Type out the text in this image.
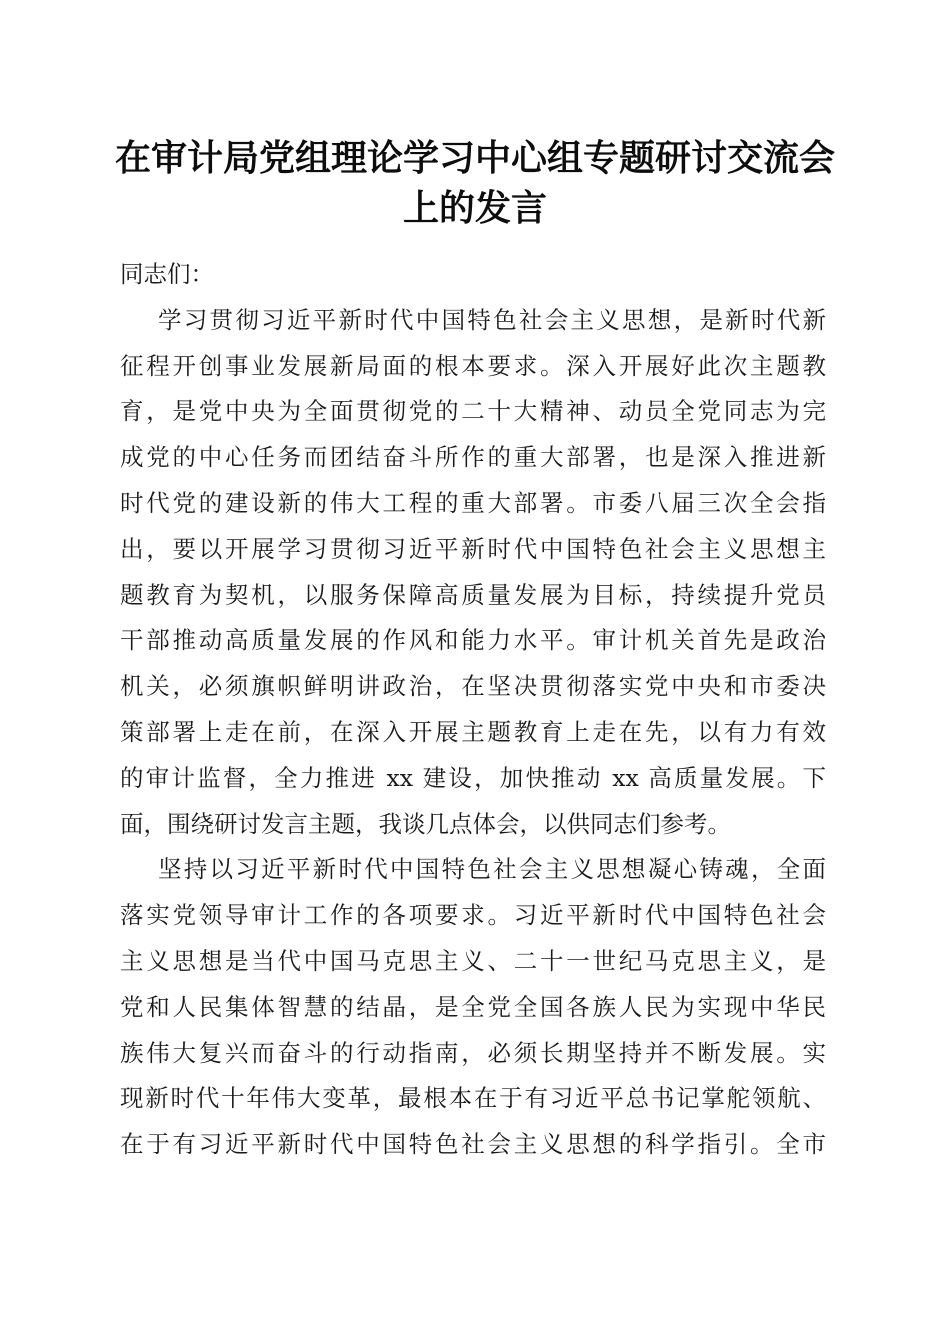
在审计局党组理论学习中心组专题研讨交流会
上的发言
同志们：
学习贯彻习近平新时代中国特色社会主义思想，是新时代新
征程开创事业发展新局面的根本要求。深入开展好此次主题教
育，是党中央为全面贯彻党的二十大精神、动员全党同志为完
成党的中心任务而团结奋斗所作的重大部署，也是深入推进新
时代党的建设新的伟大工程的重大部署。市委八届三次全会指
出，要以开展学习贯彻习近平新时代中国特色社会主义思想主
题教育为契机，以服务保障高质量发展为目标，持续提升党员
干部推动高质量发展的作风和能力水平。审计机关首先是政治
机关，必须旗帜鲜明讲政治，在坚决贯彻落实党中央和市委决
策部署上走在前，在深入开展主题教育上走在先，以有力有效
的审计监督，全力推进 xx 建设，加快推动 xx 高质量发展。下
面，围绕研讨发言主题，我谈几点体会，以供同志们参考。
坚持以习近平新时代中国特色社会主义思想凝心铸魂，全面
落实党领导审计工作的各项要求。习近平新时代中国特色社会
主义思想是当代中国马克思主义、二十一世纪马克思主义，是
党和人民集体智慧的结晶，是全党全国各族人民为实现中华民
族伟大复兴而奋斗的行动指南，必须长期坚持并不断发展。实
现新时代十年伟大变革，最根本在于有习近平总书记掌舵领航、
在于有习近平新时代中国特色社会主义思想的科学指引。全市
